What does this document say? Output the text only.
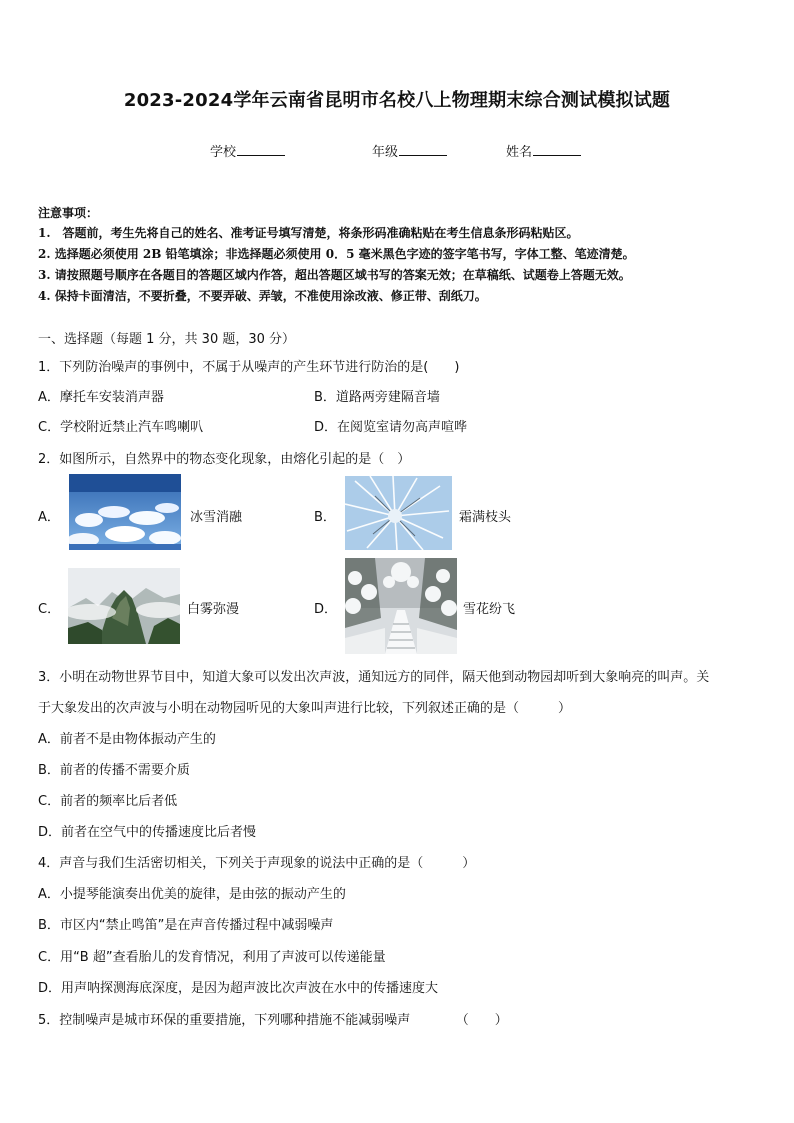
2023-2024学年云南省昆明市名校八上物理期末综合测试模拟试题
学校	年级	姓名
注意事项：
1.　答题前，考生先将自己的姓名、准考证号填写清楚，将条形码准确粘贴在考生信息条形码粘贴区。
2. 选择题必须使用 2B 铅笔填涂；非选择题必须使用 0．5 毫米黑色字迹的签字笔书写，字体工整、笔迹清楚。
3. 请按照题号顺序在各题目的答题区域内作答，超出答题区域书写的答案无效；在草稿纸、试题卷上答题无效。
4. 保持卡面清洁，不要折叠，不要弄破、弄皱，不准使用涂改液、修正带、刮纸刀。
一、选择题（每题 1 分，共 30 题，30 分）
1．下列防治噪声的事例中，不属于从噪声的产生环节进行防治的是(　　)
A．摩托车安装消声器	B．道路两旁建隔音墙
C．学校附近禁止汽车鸣喇叭	D．在阅览室请勿高声喧哗
2．如图所示，自然界中的物态变化现象，由熔化引起的是（　）
A．	冰雪消融	B．	霜满枝头
C．	白雾弥漫	D．	雪花纷飞
3．小明在动物世界节目中，知道大象可以发出次声波，通知远方的同伴，隔天他到动物园却听到大象响亮的叫声。关
于大象发出的次声波与小明在动物园听见的大象叫声进行比较，下列叙述正确的是（　　　）
A．前者不是由物体振动产生的
B．前者的传播不需要介质
C．前者的频率比后者低
D．前者在空气中的传播速度比后者慢
4．声音与我们生活密切相关，下列关于声现象的说法中正确的是（　　　）
A．小提琴能演奏出优美的旋律，是由弦的振动产生的
B．市区内“禁止鸣笛”是在声音传播过程中减弱噪声
C．用“B 超”查看胎儿的发育情况，利用了声波可以传递能量
D．用声呐探测海底深度，是因为超声波比次声波在水中的传播速度大
5．控制噪声是城市环保的重要措施，下列哪种措施不能减弱噪声　　　　（　　）
